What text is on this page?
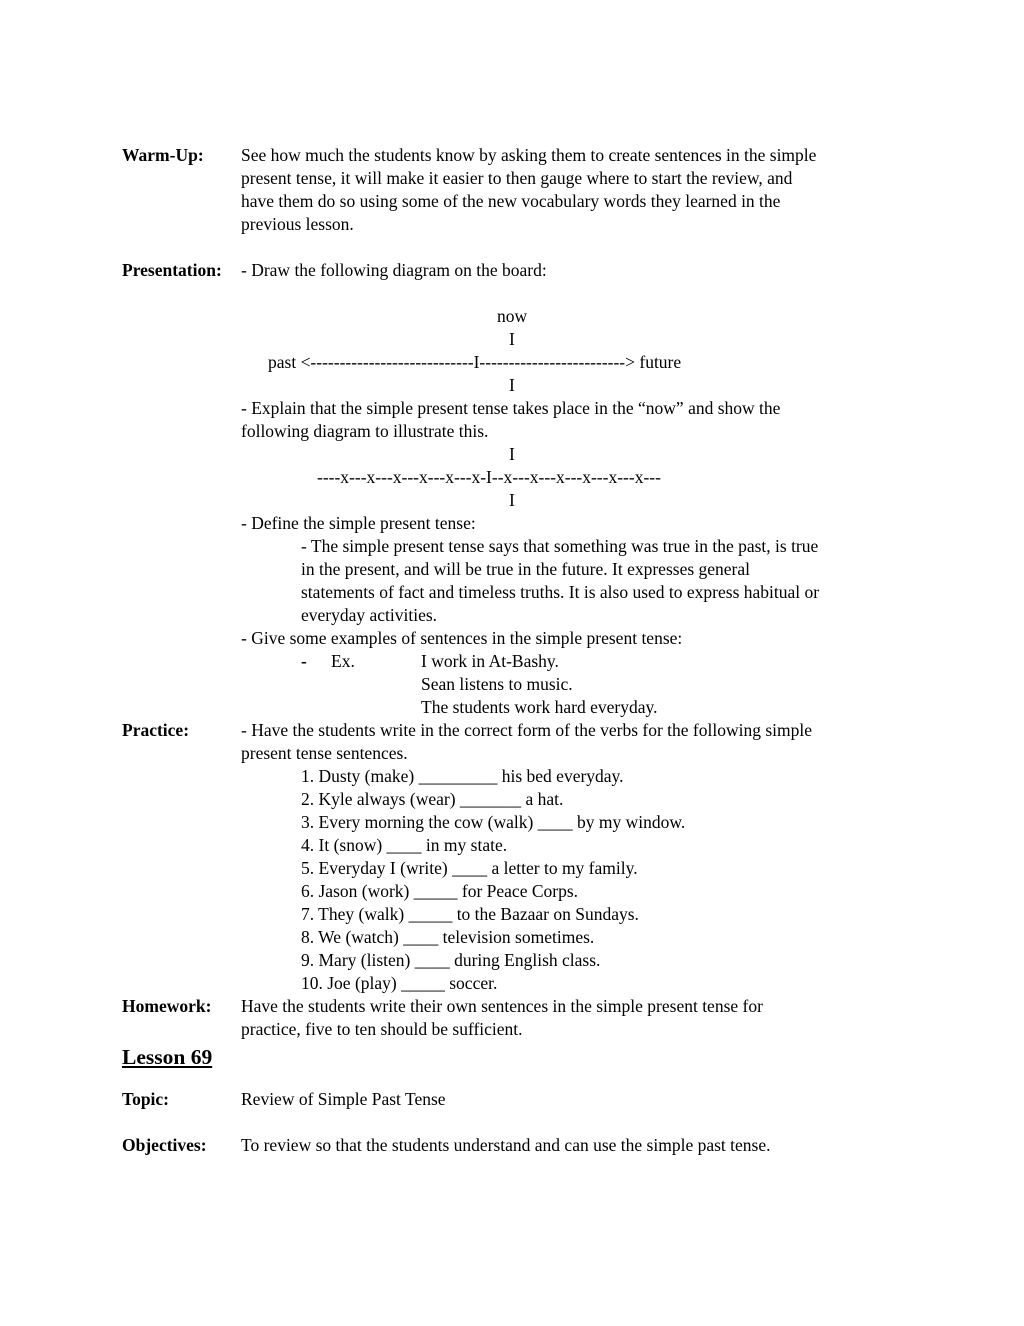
Warm-Up:	See how much the students know by asking them to create sentences in the simple
present tense, it will make it easier to then gauge where to start the review, and
have them do so using some of the new vocabulary words they learned in the
previous lesson.
Presentation:	- Draw the following diagram on the board:
now
I
past <----------------------------I-------------------------> future
I
- Explain that the simple present tense takes place in the “now” and show the
following diagram to illustrate this.
I
----x---x---x---x---x---x-I--x---x---x---x---x---x---
I
- Define the simple present tense:
- The simple present tense says that something was true in the past, is true
in the present, and will be true in the future. It expresses general
statements of fact and timeless truths. It is also used to express habitual or
everyday activities.
- Give some examples of sentences in the simple present tense:
-	Ex.	I work in At-Bashy.
Sean listens to music.
The students work hard everyday.
Practice:	- Have the students write in the correct form of the verbs for the following simple
present tense sentences.
1. Dusty (make) _________ his bed everyday.
2. Kyle always (wear) _______ a hat.
3. Every morning the cow (walk) ____ by my window.
4. It (snow) ____ in my state.
5. Everyday I (write) ____ a letter to my family.
6. Jason (work) _____ for Peace Corps.
7. They (walk) _____ to the Bazaar on Sundays.
8. We (watch) ____ television sometimes.
9. Mary (listen) ____ during English class.
10. Joe (play) _____ soccer.
Homework:	Have the students write their own sentences in the simple present tense for
practice, five to ten should be sufficient.
Lesson 69
Topic:	Review of Simple Past Tense
Objectives:	To review so that the students understand and can use the simple past tense.
